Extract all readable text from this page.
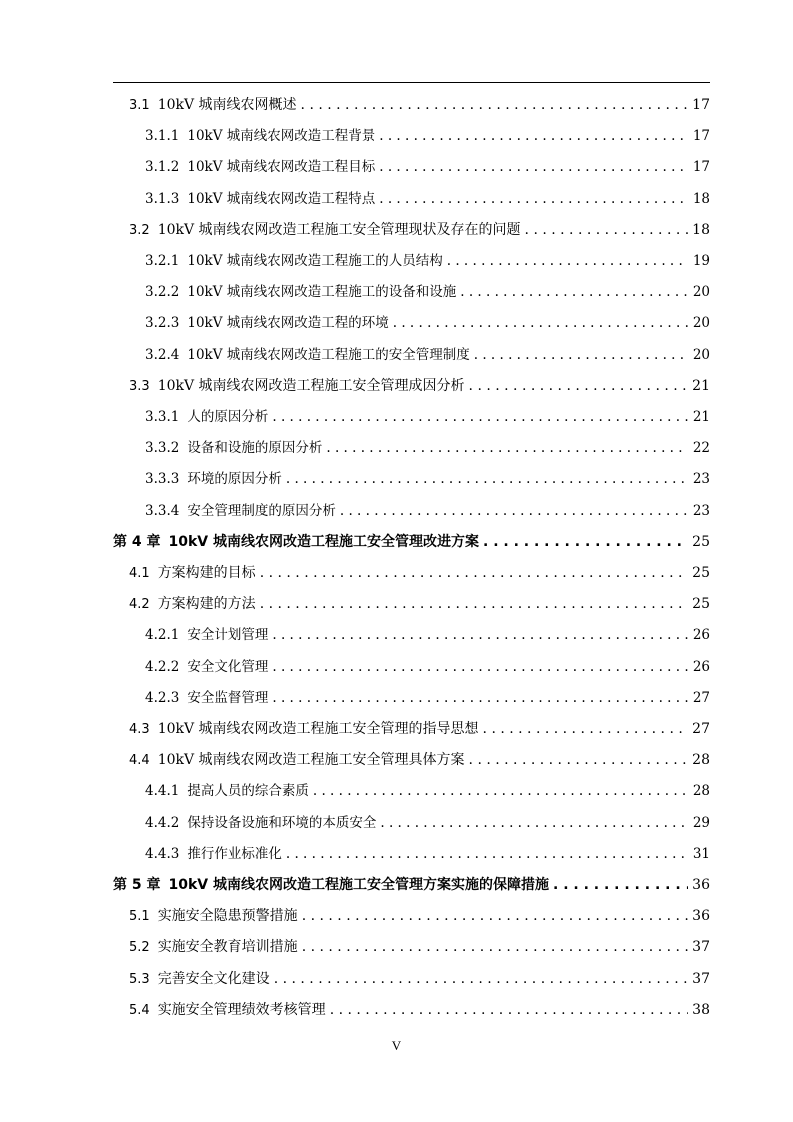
3.1 10kV 城南线农网概述 . . .	17
3.1.1 10kV 城南线农网改造工程背景 . . .	17
3.1.2 10kV 城南线农网改造工程目标 . . .	17
3.1.3 10kV 城南线农网改造工程特点 . . .	18
3.2 10kV 城南线农网改造工程施工安全管理现状及存在的问题 . . .	18
3.2.1 10kV 城南线农网改造工程施工的人员结构 . . .	19
3.2.2 10kV 城南线农网改造工程施工的设备和设施 . . .	20
3.2.3 10kV 城南线农网改造工程的环境 . . .	20
3.2.4 10kV 城南线农网改造工程施工的安全管理制度 . . .	20
3.3 10kV 城南线农网改造工程施工安全管理成因分析 . . .	21
3.3.1 人的原因分析 . . .	21
3.3.2 设备和设施的原因分析 . . .	22
3.3.3 环境的原因分析 . . .	23
3.3.4 安全管理制度的原因分析 . . .	23
第 4 章 10kV 城南线农网改造工程施工安全管理改进方案 . . .	25
4.1 方案构建的目标 . . .	25
4.2 方案构建的方法 . . .	25
4.2.1 安全计划管理 . . .	26
4.2.2 安全文化管理 . . .	26
4.2.3 安全监督管理 . . .	27
4.3 10kV 城南线农网改造工程施工安全管理的指导思想 . . .	27
4.4 10kV 城南线农网改造工程施工安全管理具体方案 . . .	28
4.4.1 提高人员的综合素质 . . .	28
4.4.2 保持设备设施和环境的本质安全 . . .	29
4.4.3 推行作业标准化 . . .	31
第 5 章 10kV 城南线农网改造工程施工安全管理方案实施的保障措施 . . .	36
5.1 实施安全隐患预警措施 . . .	36
5.2 实施安全教育培训措施 . . .	37
5.3 完善安全文化建设 . . .	37
5.4 实施安全管理绩效考核管理 . . .	38
V
